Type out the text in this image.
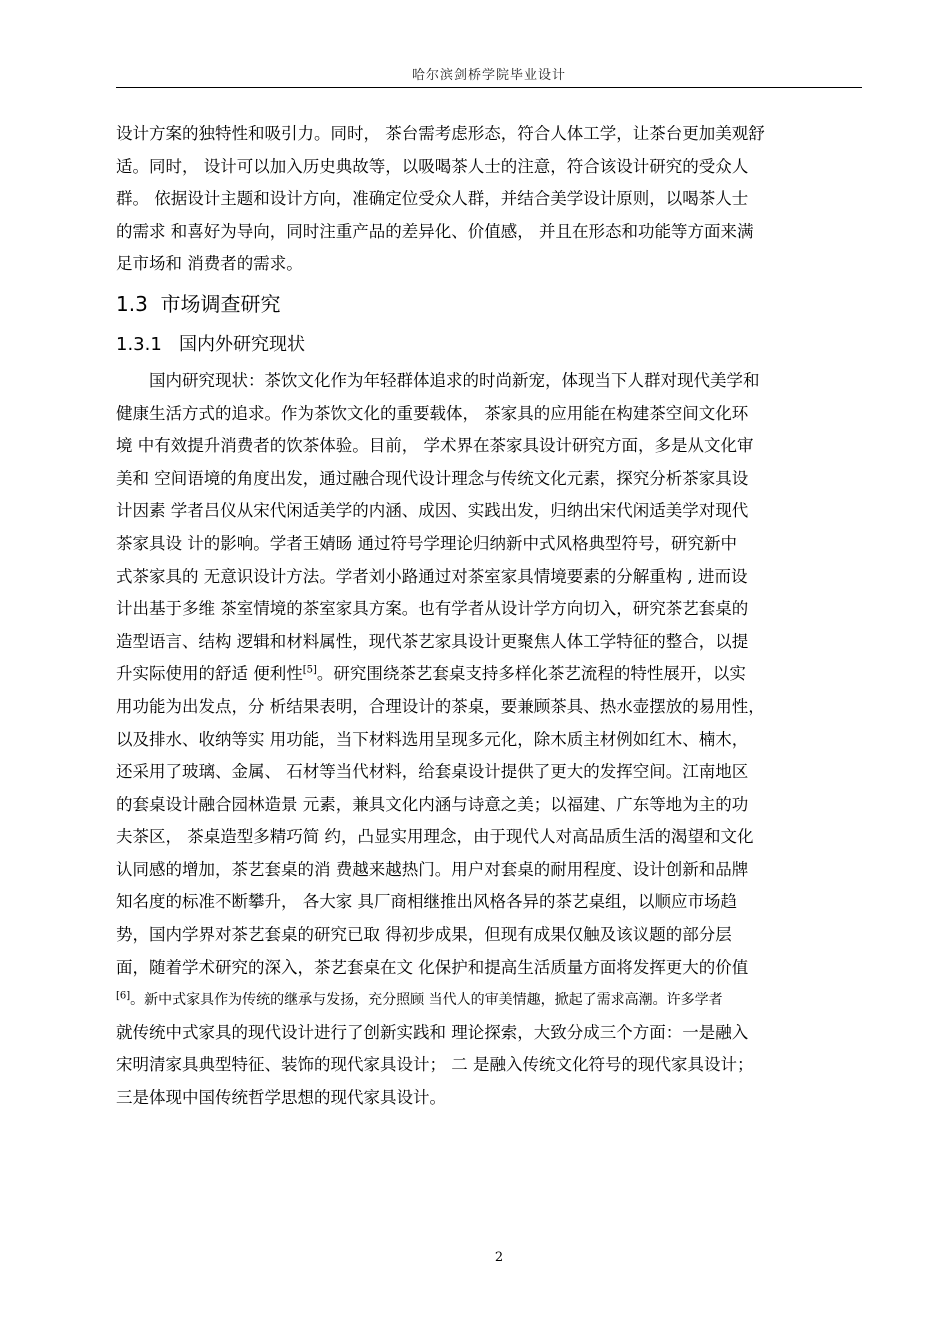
哈尔滨剑桥学院毕业设计
设计方案的独特性和吸引力。同时， 茶台需考虑形态，符合人体工学，让茶台更加美观舒
适。同时， 设计可以加入历史典故等，以吸喝茶人士的注意，符合该设计研究的受众人
群。 依据设计主题和设计方向，准确定位受众人群，并结合美学设计原则，以喝茶人士
的需求 和喜好为导向，同时注重产品的差异化、价值感， 并且在形态和功能等方面来满
足市场和 消费者的需求。
1.3 市场调查研究
1.3.1 国内外研究现状
国内研究现状：茶饮文化作为年轻群体追求的时尚新宠，体现当下人群对现代美学和
健康生活方式的追求。作为茶饮文化的重要载体， 茶家具的应用能在构建茶空间文化环
境 中有效提升消费者的饮茶体验。目前， 学术界在茶家具设计研究方面，多是从文化审
美和 空间语境的角度出发，通过融合现代设计理念与传统文化元素，探究分析茶家具设
计因素 学者吕仪从宋代闲适美学的内涵、成因、实践出发，归纳出宋代闲适美学对现代
茶家具设 计的影响。学者王婧旸 通过符号学理论归纳新中式风格典型符号，研究新中
式茶家具的 无意识设计方法。学者刘小路通过对茶室家具情境要素的分解重构 , 进而设
计出基于多维 茶室情境的茶室家具方案。也有学者从设计学方向切入，研究茶艺套桌的
造型语言、结构 逻辑和材料属性，现代茶艺家具设计更聚焦人体工学特征的整合，以提
升实际使用的舒适 便利性[5]。研究围绕茶艺套桌支持多样化茶艺流程的特性展开，以实
用功能为出发点，分 析结果表明，合理设计的茶桌，要兼顾茶具、热水壶摆放的易用性，
以及排水、收纳等实 用功能，当下材料选用呈现多元化，除木质主材例如红木、楠木，
还采用了玻璃、金属、 石材等当代材料，给套桌设计提供了更大的发挥空间。江南地区
的套桌设计融合园林造景 元素，兼具文化内涵与诗意之美；以福建、广东等地为主的功
夫茶区， 茶桌造型多精巧简 约，凸显实用理念，由于现代人对高品质生活的渴望和文化
认同感的增加，茶艺套桌的消 费越来越热门。用户对套桌的耐用程度、设计创新和品牌
知名度的标准不断攀升， 各大家 具厂商相继推出风格各异的茶艺桌组，以顺应市场趋
势，国内学界对茶艺套桌的研究已取 得初步成果，但现有成果仅触及该议题的部分层
面，随着学术研究的深入，茶艺套桌在文 化保护和提高生活质量方面将发挥更大的价值
[6]。新中式家具作为传统的继承与发扬，充分照顾 当代人的审美情趣，掀起了需求高潮。许多学者
就传统中式家具的现代设计进行了创新实践和 理论探索，大致分成三个方面：一是融入
宋明清家具典型特征、装饰的现代家具设计； 二 是融入传统文化符号的现代家具设计；
三是体现中国传统哲学思想的现代家具设计。
2
